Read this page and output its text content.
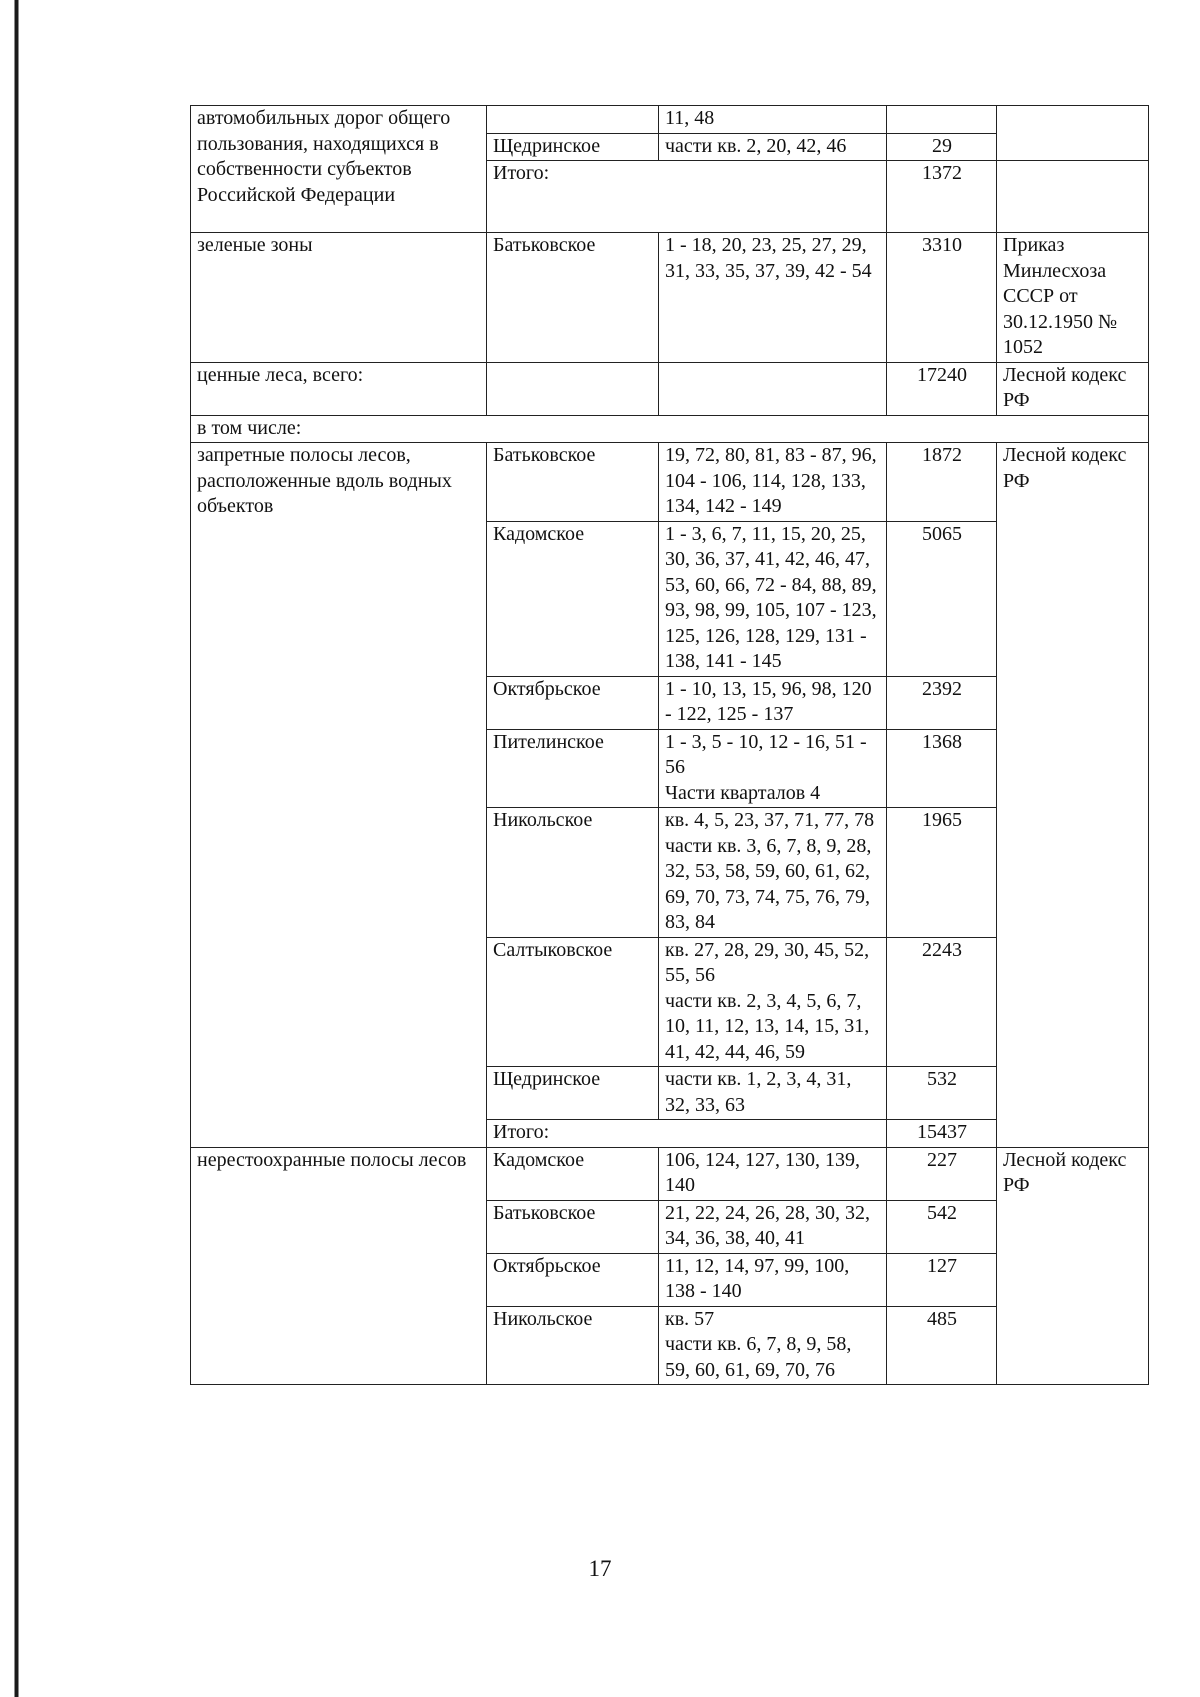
автомобильных дорог общего пользования, находящихся в собственности субъектов Российской Федерации		11, 48		
	Щедринское	части кв. 2, 20, 42, 46	29	
	Итого:		1372	
зеленые зоны	Батьковское	1 - 18, 20, 23, 25, 27, 29, 31, 33, 35, 37, 39, 42 - 54	3310	Приказ Минлесхоза СССР от 30.12.1950 № 1052
ценные леса, всего:			17240	Лесной кодекс РФ
в том числе:				
запретные полосы лесов, расположенные вдоль водных объектов	Батьковское	19, 72, 80, 81, 83 - 87, 96, 104 - 106, 114, 128, 133, 134, 142 - 149	1872	Лесной кодекс РФ
	Кадомское	1 - 3, 6, 7, 11, 15, 20, 25, 30, 36, 37, 41, 42, 46, 47, 53, 60, 66, 72 - 84, 88, 89, 93, 98, 99, 105, 107 - 123, 125, 126, 128, 129, 131 - 138, 141 - 145	5065	
	Октябрьское	1 - 10, 13, 15, 96, 98, 120 - 122, 125 - 137	2392	
	Пителинское	1 - 3, 5 - 10, 12 - 16, 51 - 56
Части кварталов 4	1368	
	Никольское	кв. 4, 5, 23, 37, 71, 77, 78
части кв. 3, 6, 7, 8, 9, 28, 32, 53, 58, 59, 60, 61, 62, 69, 70, 73, 74, 75, 76, 79, 83, 84	1965	
	Салтыковское	кв. 27, 28, 29, 30, 45, 52, 55, 56
части кв. 2, 3, 4, 5, 6, 7, 10, 11, 12, 13, 14, 15, 31, 41, 42, 44, 46, 59	2243	
	Щедринское	части кв. 1, 2, 3, 4, 31, 32, 33, 63	532	
	Итого:		15437	
нерестоохранные полосы лесов	Кадомское	106, 124, 127, 130, 139, 140	227	Лесной кодекс РФ
	Батьковское	21, 22, 24, 26, 28, 30, 32, 34, 36, 38, 40, 41	542	
	Октябрьское	11, 12, 14, 97, 99, 100, 138 - 140	127	
	Никольское	кв. 57
части кв. 6, 7, 8, 9, 58, 59, 60, 61, 69, 70, 76	485	
17
